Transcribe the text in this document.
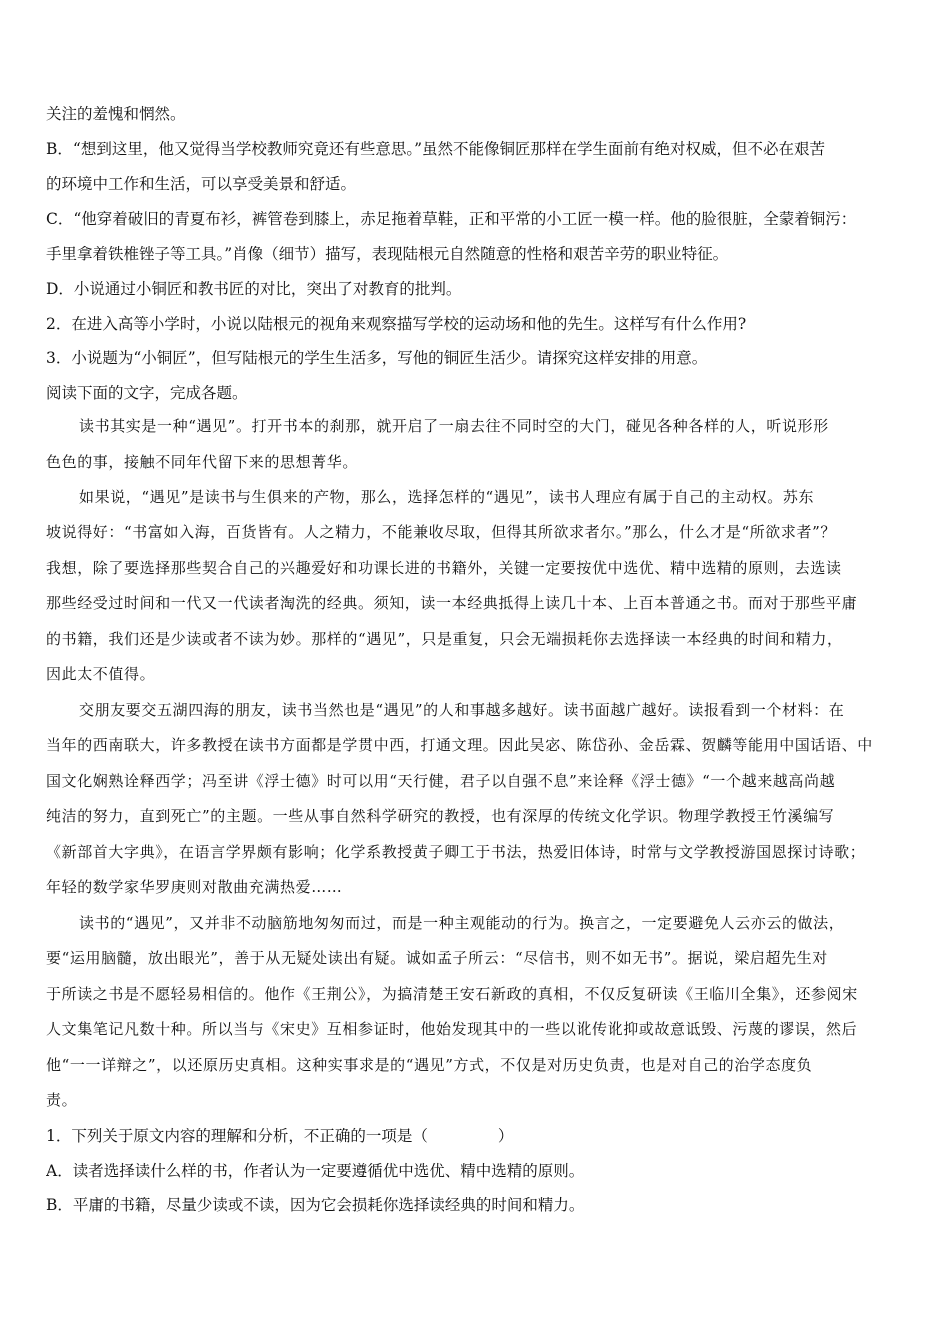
关注的羞愧和惘然。
B．“想到这里，他又觉得当学校教师究竟还有些意思。”虽然不能像铜匠那样在学生面前有绝对权威，但不必在艰苦
的环境中工作和生活，可以享受美景和舒适。
C．“他穿着破旧的青夏布衫，裤管卷到膝上，赤足拖着草鞋，正和平常的小工匠一模一样。他的脸很脏，全蒙着铜污：
手里拿着铁椎锉子等工具。”肖像（细节）描写，表现陆根元自然随意的性格和艰苦辛劳的职业特征。
D．小说通过小铜匠和教书匠的对比，突出了对教育的批判。
2．在进入高等小学时，小说以陆根元的视角来观察描写学校的运动场和他的先生。这样写有什么作用?
3．小说题为“小铜匠”，但写陆根元的学生生活多，写他的铜匠生活少。请探究这样安排的用意。
阅读下面的文字，完成各题。
读书其实是一种“遇见”。打开书本的刹那，就开启了一扇去往不同时空的大门，碰见各种各样的人，听说形形
色色的事，接触不同年代留下来的思想菁华。
如果说，“遇见”是读书与生俱来的产物，那么，选择怎样的“遇见”，读书人理应有属于自己的主动权。苏东
坡说得好：“书富如入海，百货皆有。人之精力，不能兼收尽取，但得其所欲求者尔。”那么，什么才是“所欲求者”？
我想，除了要选择那些契合自己的兴趣爱好和功课长进的书籍外，关键一定要按优中选优、精中选精的原则，去选读
那些经受过时间和一代又一代读者淘洗的经典。须知，读一本经典抵得上读几十本、上百本普通之书。而对于那些平庸
的书籍，我们还是少读或者不读为妙。那样的“遇见”，只是重复，只会无端损耗你去选择读一本经典的时间和精力，
因此太不值得。
交朋友要交五湖四海的朋友，读书当然也是“遇见”的人和事越多越好。读书面越广越好。读报看到一个材料：在
当年的西南联大，许多教授在读书方面都是学贯中西，打通文理。因此吴宓、陈岱孙、金岳霖、贺麟等能用中国话语、中
国文化娴熟诠释西学；冯至讲《浮士德》时可以用“天行健，君子以自强不息”来诠释《浮士德》“一个越来越高尚越
纯洁的努力，直到死亡”的主题。一些从事自然科学研究的教授，也有深厚的传统文化学识。物理学教授王竹溪编写
《新部首大字典》，在语言学界颇有影响；化学系教授黄子卿工于书法，热爱旧体诗，时常与文学教授游国恩探讨诗歌；
年轻的数学家华罗庚则对散曲充满热爱……
读书的“遇见”，又并非不动脑筋地匆匆而过，而是一种主观能动的行为。换言之，一定要避免人云亦云的做法，
要“运用脑髓，放出眼光”，善于从无疑处读出有疑。诚如孟子所云：“尽信书，则不如无书”。据说，梁启超先生对
于所读之书是不愿轻易相信的。他作《王荆公》，为搞清楚王安石新政的真相，不仅反复研读《王临川全集》，还参阅宋
人文集笔记凡数十种。所以当与《宋史》互相参证时，他始发现其中的一些以讹传讹抑或故意诋毁、污蔑的谬误，然后
他“一一详辩之”，以还原历史真相。这种实事求是的“遇见”方式，不仅是对历史负责，也是对自己的治学态度负
责。
1．下列关于原文内容的理解和分析，不正确的一项是（	）
A．读者选择读什么样的书，作者认为一定要遵循优中选优、精中选精的原则。
B．平庸的书籍，尽量少读或不读，因为它会损耗你选择读经典的时间和精力。
